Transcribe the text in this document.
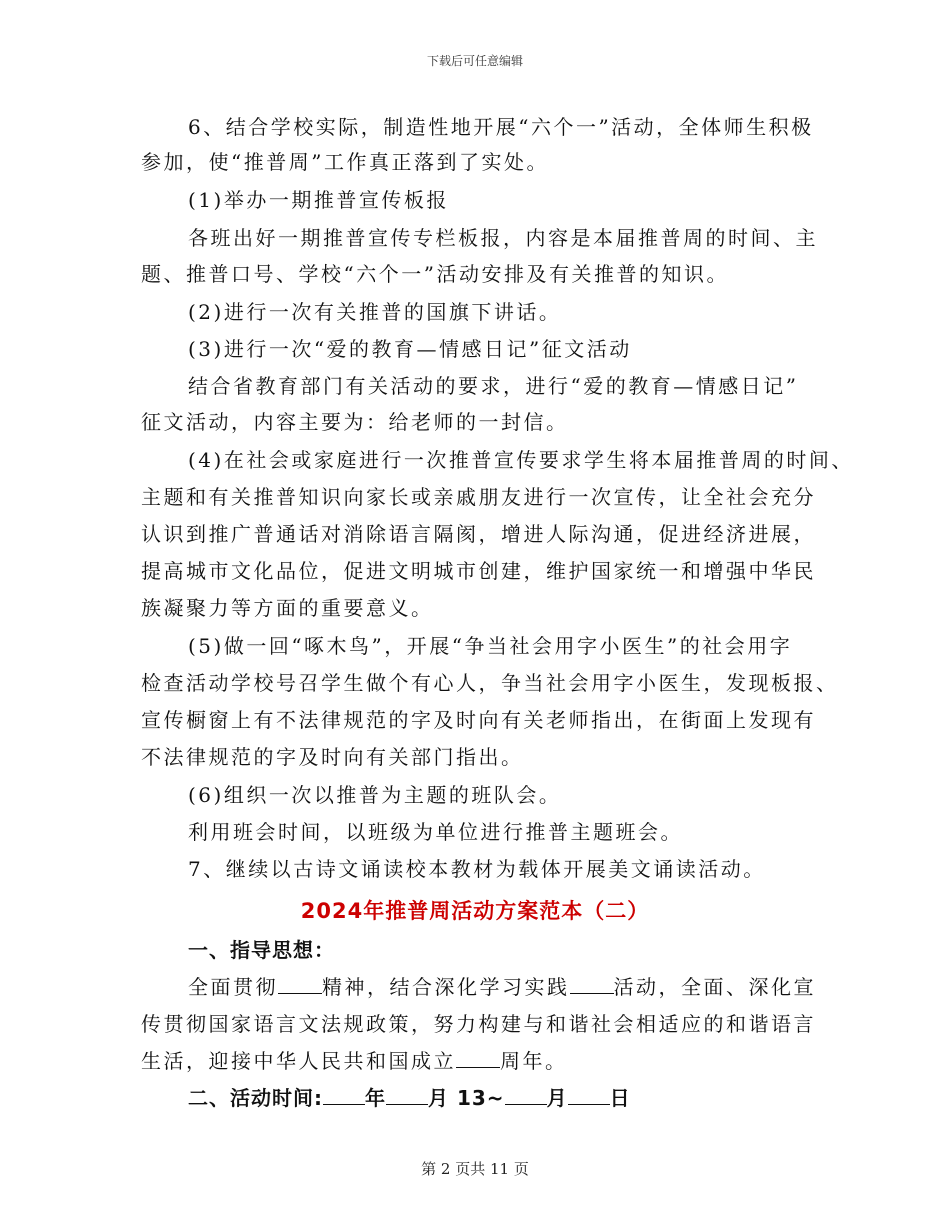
下载后可任意编辑
6、结合学校实际，制造性地开展“六个一”活动，全体师生积极
参加，使“推普周”工作真正落到了实处。
(1)举办一期推普宣传板报
各班出好一期推普宣传专栏板报，内容是本届推普周的时间、主
题、推普口号、学校“六个一”活动安排及有关推普的知识。
(2)进行一次有关推普的国旗下讲话。
(3)进行一次“爱的教育—情感日记”征文活动
结合省教育部门有关活动的要求，进行“爱的教育—情感日记”
征文活动，内容主要为：给老师的一封信。
(4)在社会或家庭进行一次推普宣传要求学生将本届推普周的时间、
主题和有关推普知识向家长或亲戚朋友进行一次宣传，让全社会充分
认识到推广普通话对消除语言隔阂，增进人际沟通，促进经济进展，
提高城市文化品位，促进文明城市创建，维护国家统一和增强中华民
族凝聚力等方面的重要意义。
(5)做一回“啄木鸟”，开展“争当社会用字小医生”的社会用字
检查活动学校号召学生做个有心人，争当社会用字小医生，发现板报、
宣传橱窗上有不法律规范的字及时向有关老师指出，在街面上发现有
不法律规范的字及时向有关部门指出。
(6)组织一次以推普为主题的班队会。
利用班会时间，以班级为单位进行推普主题班会。
7、继续以古诗文诵读校本教材为载体开展美文诵读活动。
2024年推普周活动方案范本（二）
一、指导思想：
全面贯彻 精神，结合深化学习实践 活动，全面、深化宣
传贯彻国家语言文法规政策，努力构建与和谐社会相适应的和谐语言
生活，迎接中华人民共和国成立 周年。
二、活动时间: 年 月 13~ 月 日
第 2 页共 11 页
